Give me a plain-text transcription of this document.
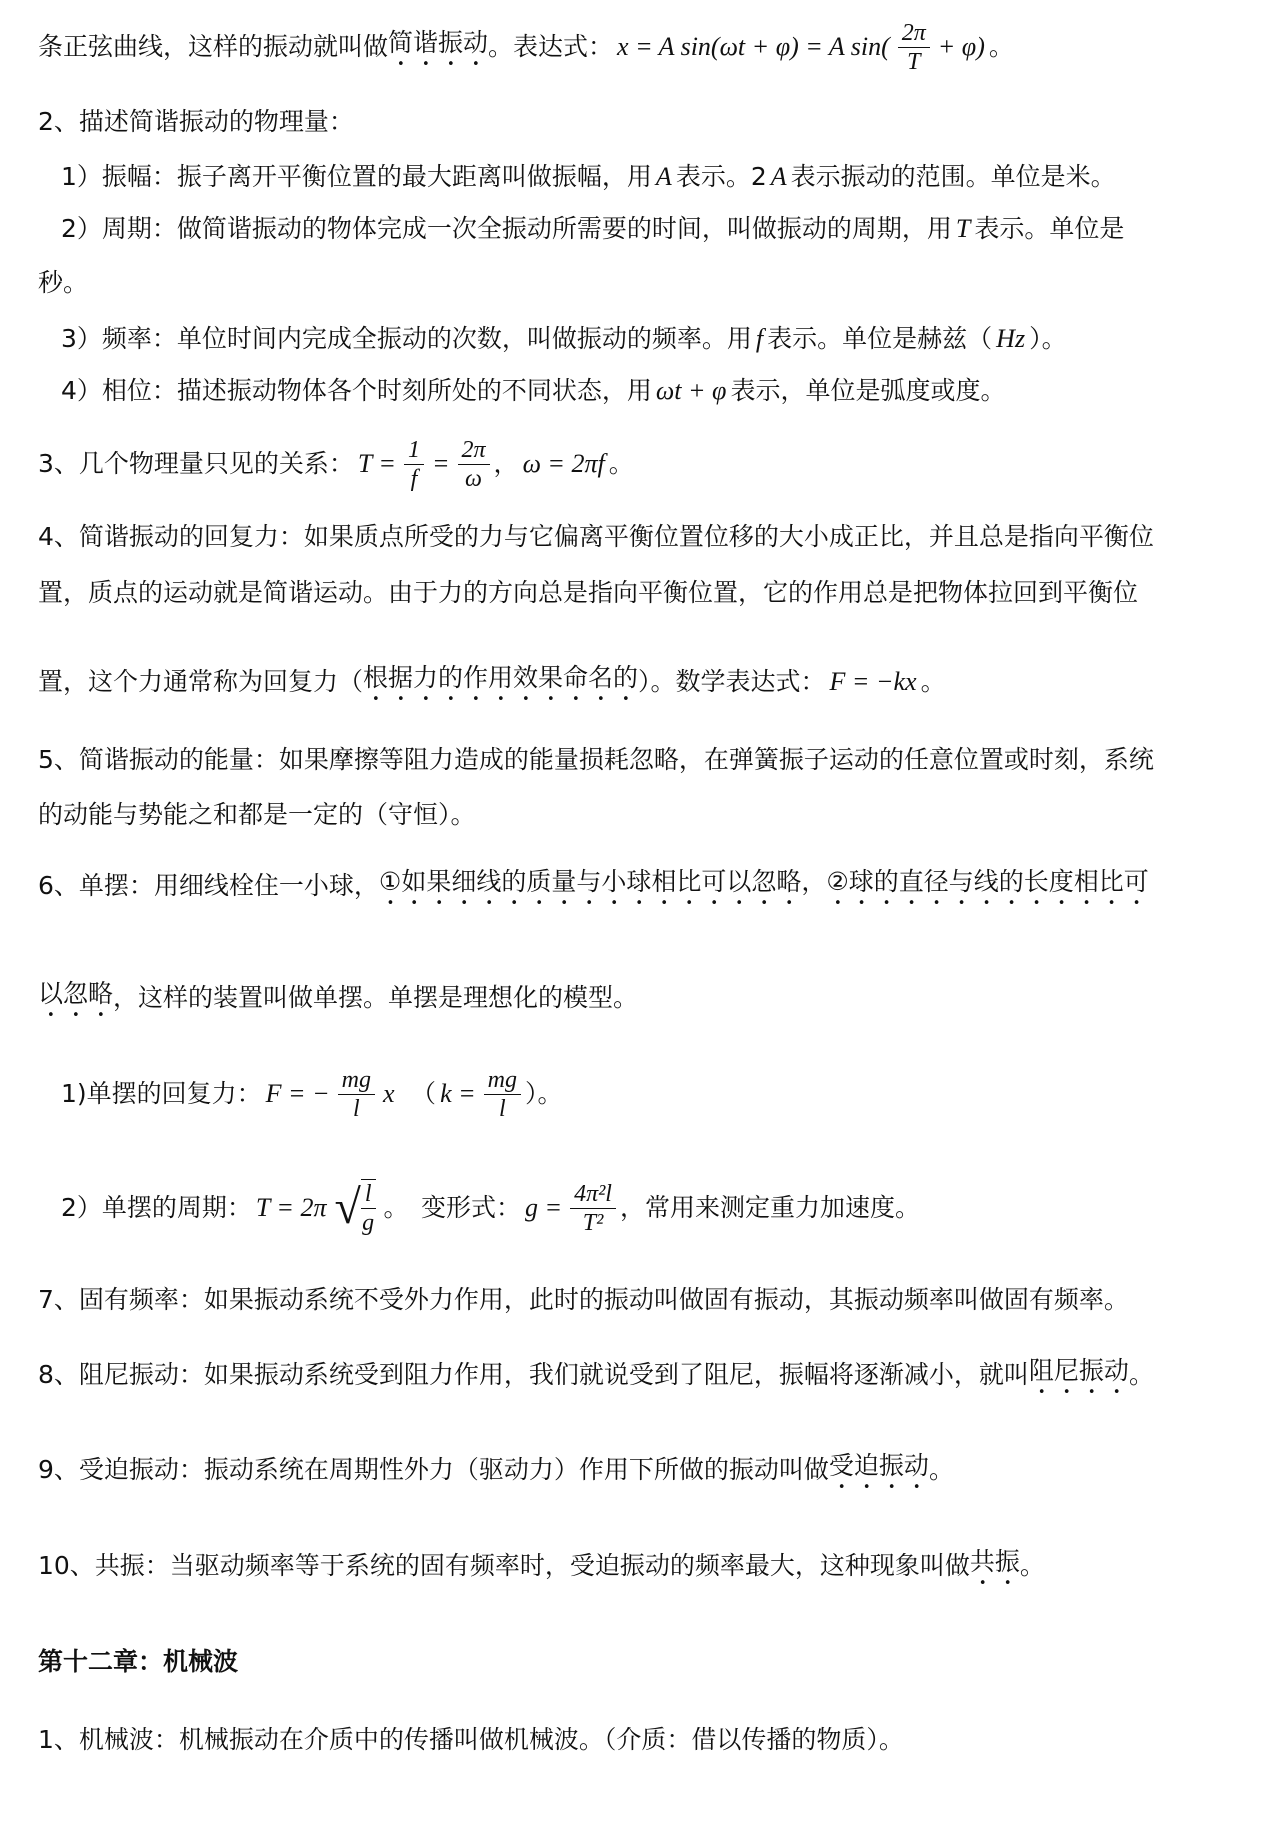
条正弦曲线，这样的振动就叫做 简谐振动 。表达式： x = A sin(ωt + φ) = A $\sin( \frac{2\pi}{T} + \varphi)$ 。
2、描述简谐振动的物理量：
1）振幅：振子离开平衡位置的最大距离叫做振幅，用 A 表示。2 A 表示振动的范围。单位是米。
2）周期：做简谐振动的物体完成一次全振动所需要的时间，叫做振动的周期，用 T 表示。单位是
秒。
3）频率：单位时间内完成全振动的次数，叫做振动的频率。用 f 表示。单位是赫兹（ Hz ）。
4）相位：描述振动物体各个时刻所处的不同状态，用 ωt + φ 表示，单位是弧度或度。
3、几个物理量只见的关系： $T = \frac{1}{f} = \frac{2\pi}{\omega}$ ， ω = 2πf 。
4、简谐振动的回复力：如果质点所受的力与它偏离平衡位置位移的大小成正比，并且总是指向平衡位
置，质点的运动就是简谐运动。由于力的方向总是指向平衡位置，它的作用总是把物体拉回到平衡位
置，这个力通常称为回复力（ 根据力的作用效果命名的 ）。数学表达式： F = −kx 。
5、简谐振动的能量：如果摩擦等阻力造成的能量损耗忽略，在弹簧振子运动的任意位置或时刻，系统
的动能与势能之和都是一定的（守恒）。
6、单摆：用细线栓住一小球， ①如果细线的质量与小球相比可以忽略，②球的直径与线的长度相比可
以忽略 ，这样的装置叫做单摆。单摆是理想化的模型。
1)单摆的回复力： F = − $\frac{mg}{l}$ x 　（ $k = \frac{mg}{l}$ ）。
2）单摆的周期： T = 2π √ $\frac{l}{g}$ 。　变形式： $g = \frac{\text{4π²l}}{\text{T²}}$ ，常用来测定重力加速度。
7、固有频率：如果振动系统不受外力作用，此时的振动叫做固有振动，其振动频率叫做固有频率。
8、阻尼振动：如果振动系统受到阻力作用，我们就说受到了阻尼，振幅将逐渐减小，就叫 阻尼振动 。
9、受迫振动：振动系统在周期性外力（驱动力）作用下所做的振动叫做 受迫振动 。
10、共振：当驱动频率等于系统的固有频率时，受迫振动的频率最大，这种现象叫做 共振 。
第十二章：机械波
1、机械波：机械振动在介质中的传播叫做机械波。（介质：借以传播的物质）。
